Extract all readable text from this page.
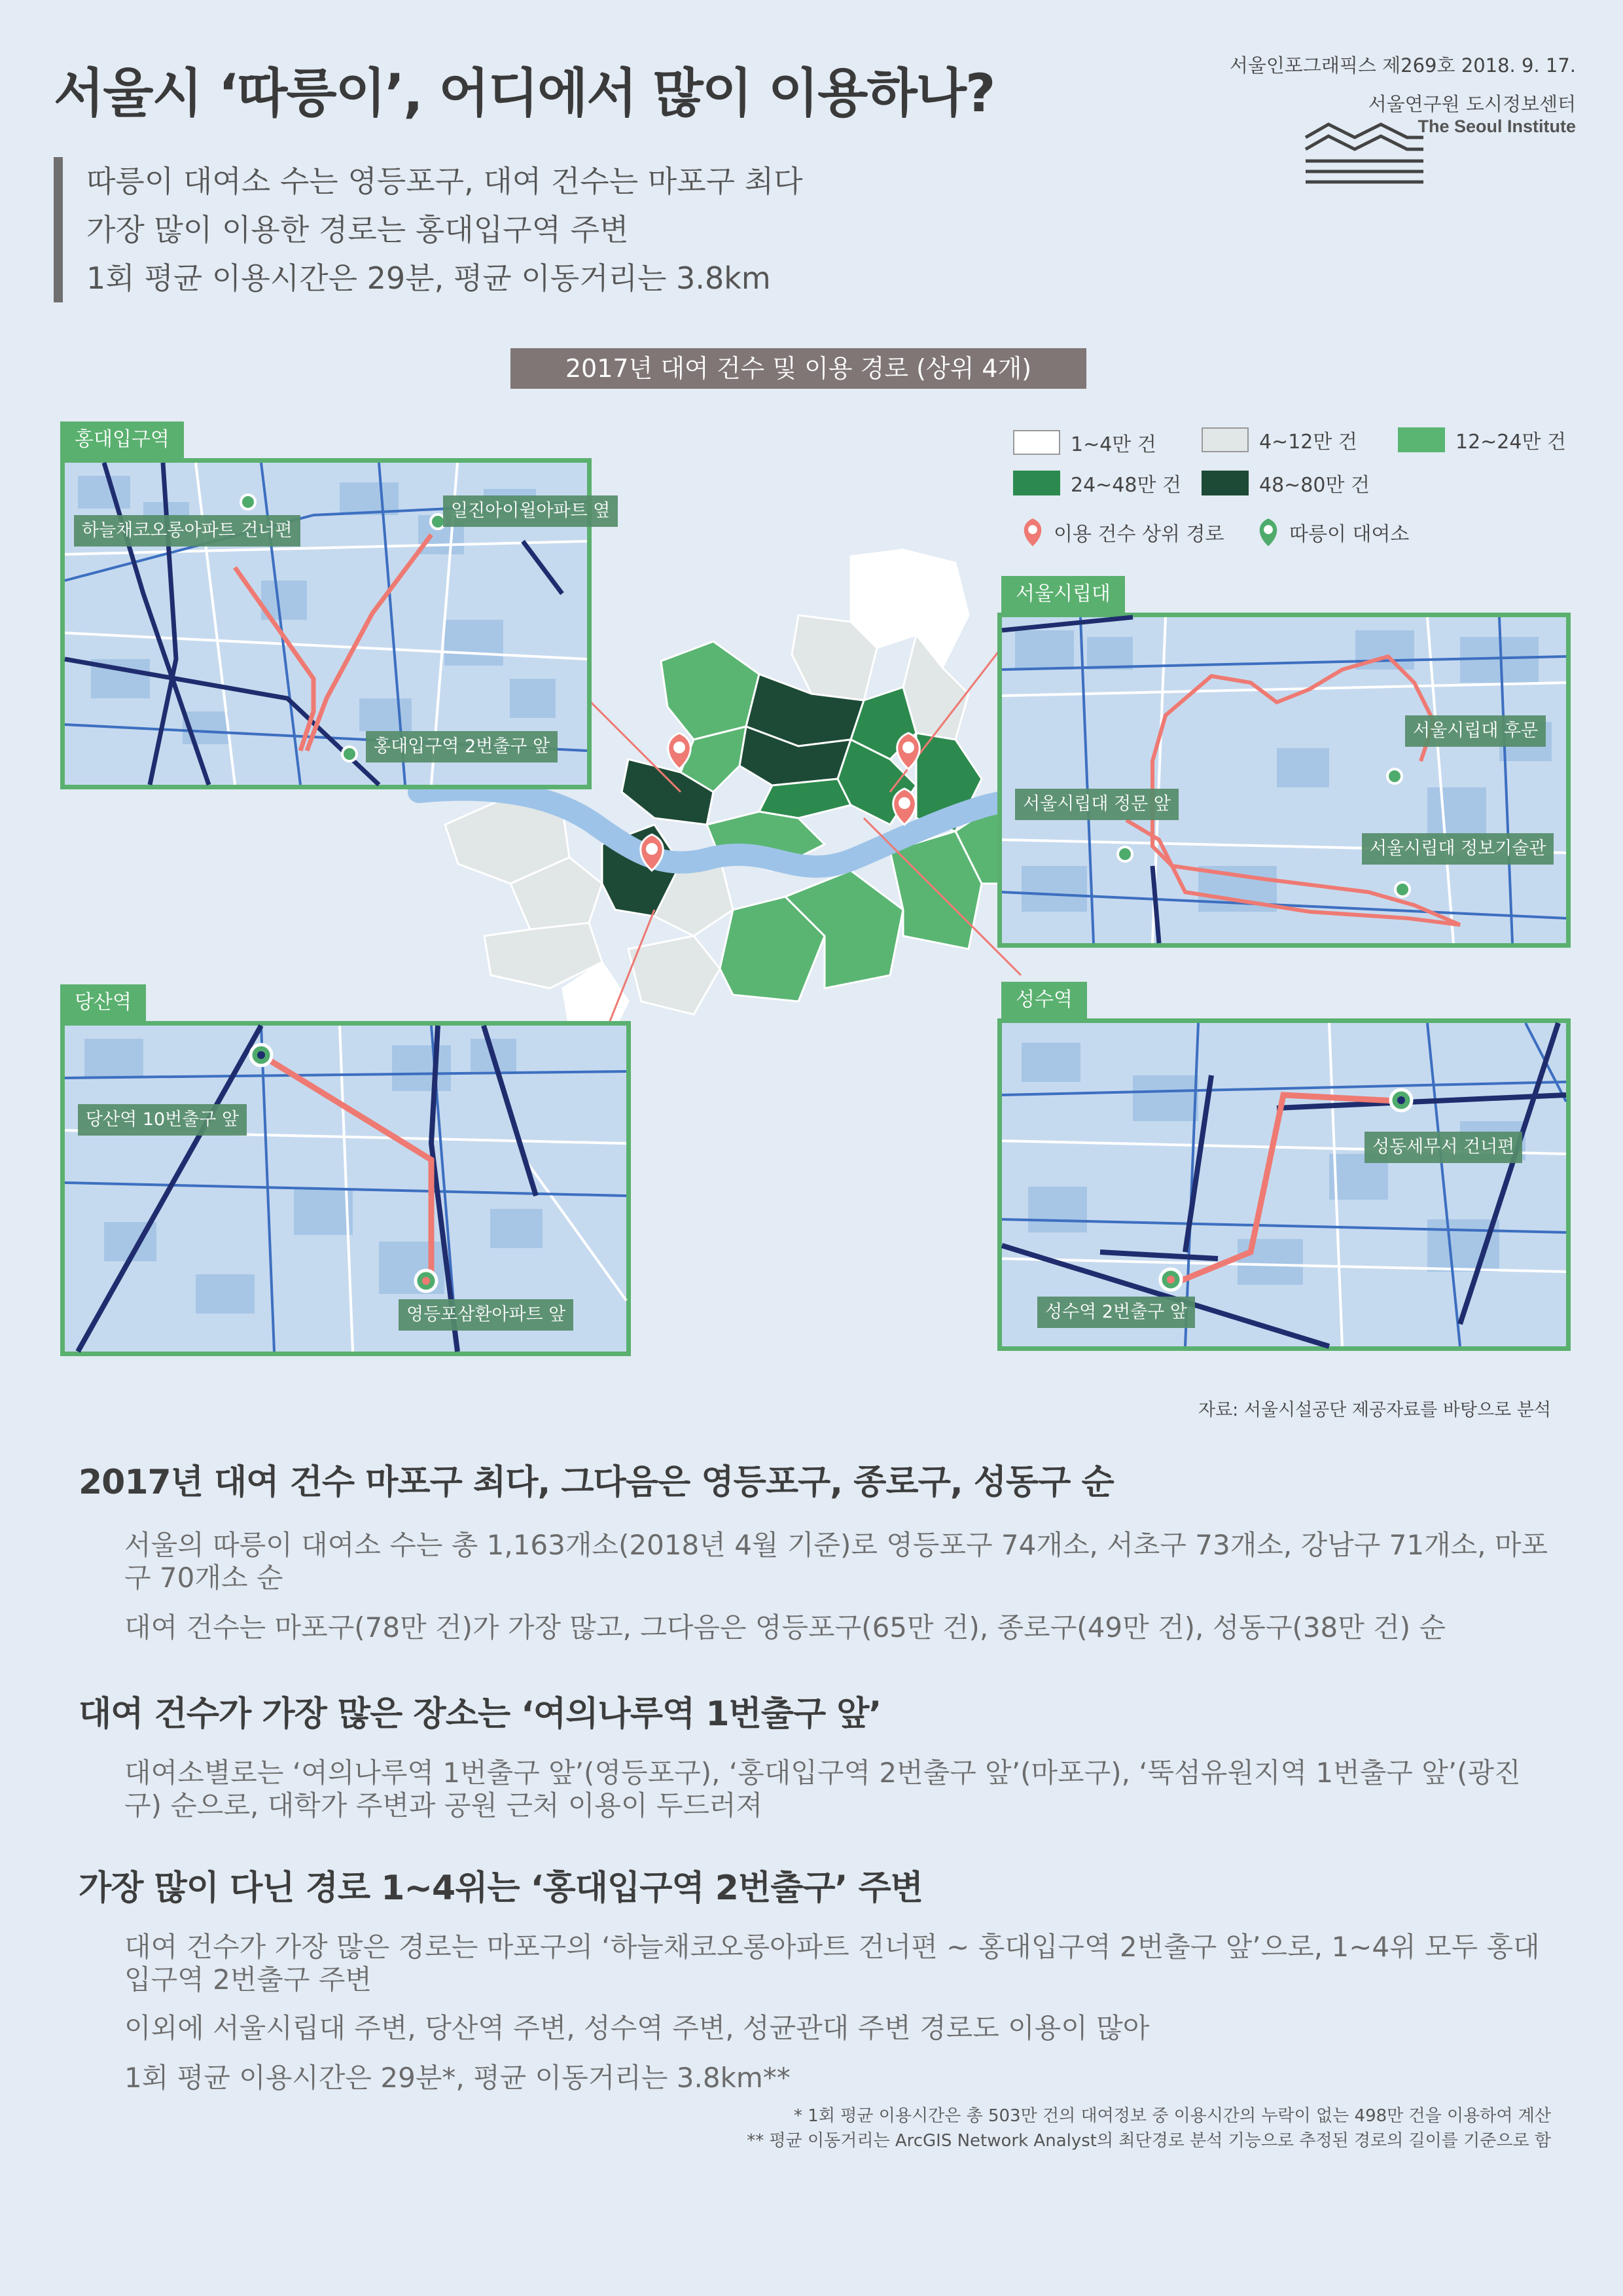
서울시 ‘따릉이’, 어디에서 많이 이용하나?	서울인포그래픽스 제269호 2018. 9. 17.
서울연구원 도시정보센터
The Seoul Institute
따릉이 대여소 수는 영등포구, 대여 건수는 마포구 최다
가장 많이 이용한 경로는 홍대입구역 주변
1회 평균 이용시간은 29분, 평균 이동거리는 3.8km
2017년 대여 건수 및 이용 경로 (상위 4개)
1~4만 건	4~12만 건	12~24만 건
24~48만 건	48~80만 건
이용 건수 상위 경로	따릉이 대여소
홍대입구역
하늘채코오롱아파트 건너편
일진아이윌아파트 옆
홍대입구역 2번출구 앞
서울시립대
서울시립대 후문
서울시립대 정문 앞
서울시립대 정보기술관
당산역
당산역 10번출구 앞
영등포삼환아파트 앞
성수역
성동세무서 건너편
성수역 2번출구 앞
자료: 서울시설공단 제공자료를 바탕으로 분석
2017년 대여 건수 마포구 최다, 그다음은 영등포구, 종로구, 성동구 순
서울의 따릉이 대여소 수는 총 1,163개소(2018년 4월 기준)로 영등포구 74개소, 서초구 73개소, 강남구 71개소, 마포구 70개소 순
대여 건수는 마포구(78만 건)가 가장 많고, 그다음은 영등포구(65만 건), 종로구(49만 건), 성동구(38만 건) 순
대여 건수가 가장 많은 장소는 ‘여의나루역 1번출구 앞’
대여소별로는 ‘여의나루역 1번출구 앞’(영등포구), ‘홍대입구역 2번출구 앞’(마포구), ‘뚝섬유원지역 1번출구 앞’(광진구) 순으로, 대학가 주변과 공원 근처 이용이 두드러져
가장 많이 다닌 경로 1~4위는 ‘홍대입구역 2번출구’ 주변
대여 건수가 가장 많은 경로는 마포구의 ‘하늘채코오롱아파트 건너편 ~ 홍대입구역 2번출구 앞’으로, 1~4위 모두 홍대입구역 2번출구 주변
이외에 서울시립대 주변, 당산역 주변, 성수역 주변, 성균관대 주변 경로도 이용이 많아
1회 평균 이용시간은 29분*, 평균 이동거리는 3.8km**
* 1회 평균 이용시간은 총 503만 건의 대여정보 중 이용시간의 누락이 없는 498만 건을 이용하여 계산
** 평균 이동거리는 ArcGIS Network Analyst의 최단경로 분석 기능으로 추정된 경로의 길이를 기준으로 함
